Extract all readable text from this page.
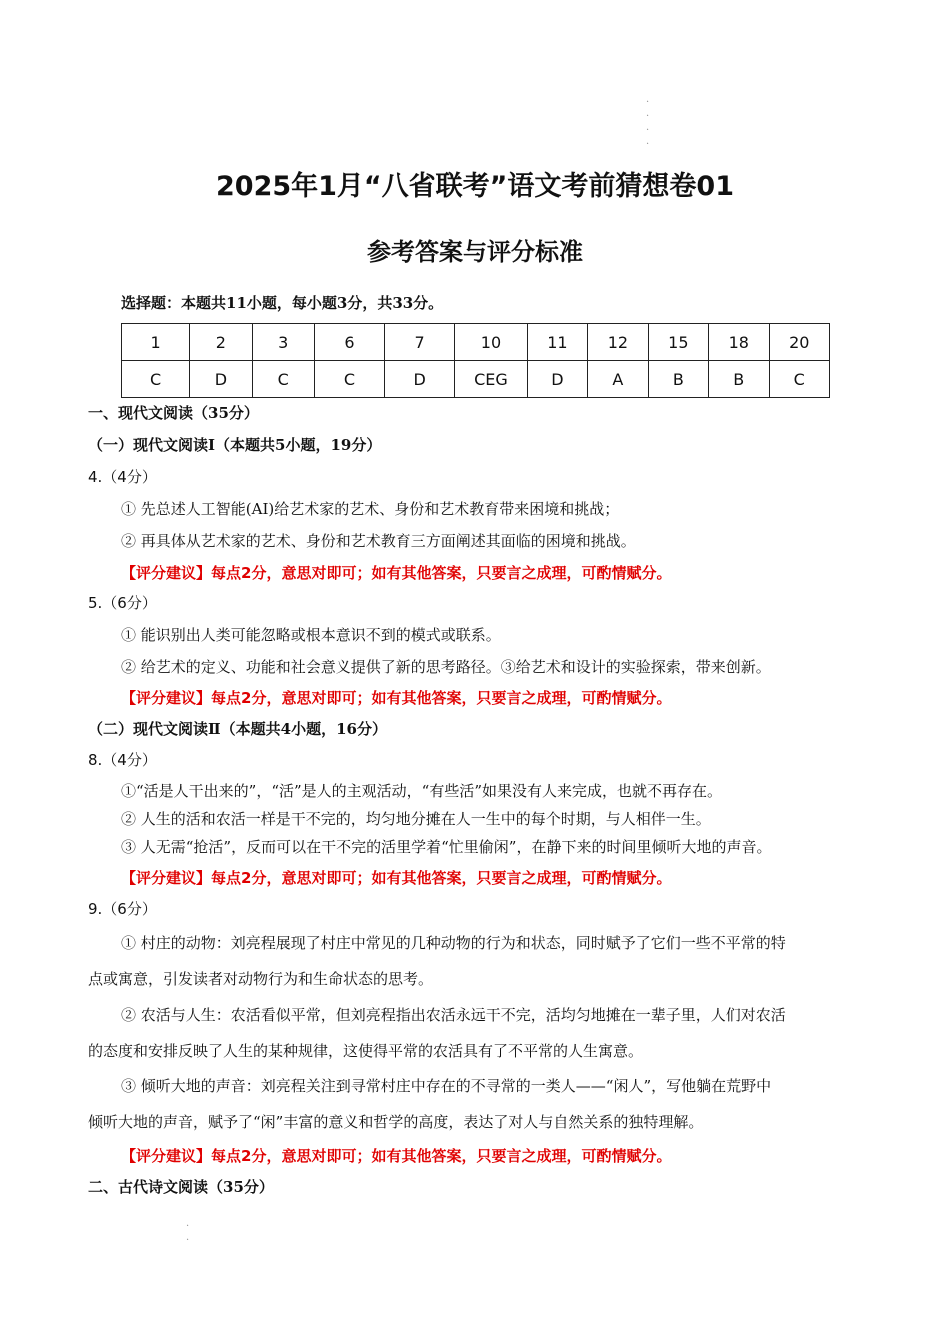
·
·
·
·
·
·
2025年1月“八省联考”语文考前猜想卷01
参考答案与评分标准
选择题：本题共11小题，每小题3分，共33分。
1	2	3	6	7	10	11	12	15	18	20
C	D	C	C	D	CEG	D	A	B	B	C
一、现代文阅读（35分）
（一）现代文阅读Ⅰ（本题共5小题，19分）
4.（4分）
① 先总述人工智能(AI)给艺术家的艺术、身份和艺术教育带来困境和挑战；
② 再具体从艺术家的艺术、身份和艺术教育三方面阐述其面临的困境和挑战。
【评分建议】每点2分，意思对即可；如有其他答案，只要言之成理，可酌情赋分。
5.（6分）
① 能识别出人类可能忽略或根本意识不到的模式或联系。
② 给艺术的定义、功能和社会意义提供了新的思考路径。③给艺术和设计的实验探索，带来创新。
【评分建议】每点2分，意思对即可；如有其他答案，只要言之成理，可酌情赋分。
（二）现代文阅读Ⅱ（本题共4小题，16分）
8.（4分）
①“活是人干出来的”，“活”是人的主观活动，“有些活”如果没有人来完成，也就不再存在。
② 人生的活和农活一样是干不完的，均匀地分摊在人一生中的每个时期，与人相伴一生。
③ 人无需“抢活”，反而可以在干不完的活里学着“忙里偷闲”，在静下来的时间里倾听大地的声音。
【评分建议】每点2分，意思对即可；如有其他答案，只要言之成理，可酌情赋分。
9.（6分）
① 村庄的动物：刘亮程展现了村庄中常见的几种动物的行为和状态，同时赋予了它们一些不平常的特
点或寓意，引发读者对动物行为和生命状态的思考。
② 农活与人生：农活看似平常，但刘亮程指出农活永远干不完，活均匀地摊在一辈子里，人们对农活
的态度和安排反映了人生的某种规律，这使得平常的农活具有了不平常的人生寓意。
③ 倾听大地的声音：刘亮程关注到寻常村庄中存在的不寻常的一类人——“闲人”，写他躺在荒野中
倾听大地的声音，赋予了“闲”丰富的意义和哲学的高度，表达了对人与自然关系的独特理解。
【评分建议】每点2分，意思对即可；如有其他答案，只要言之成理，可酌情赋分。
二、古代诗文阅读（35分）
